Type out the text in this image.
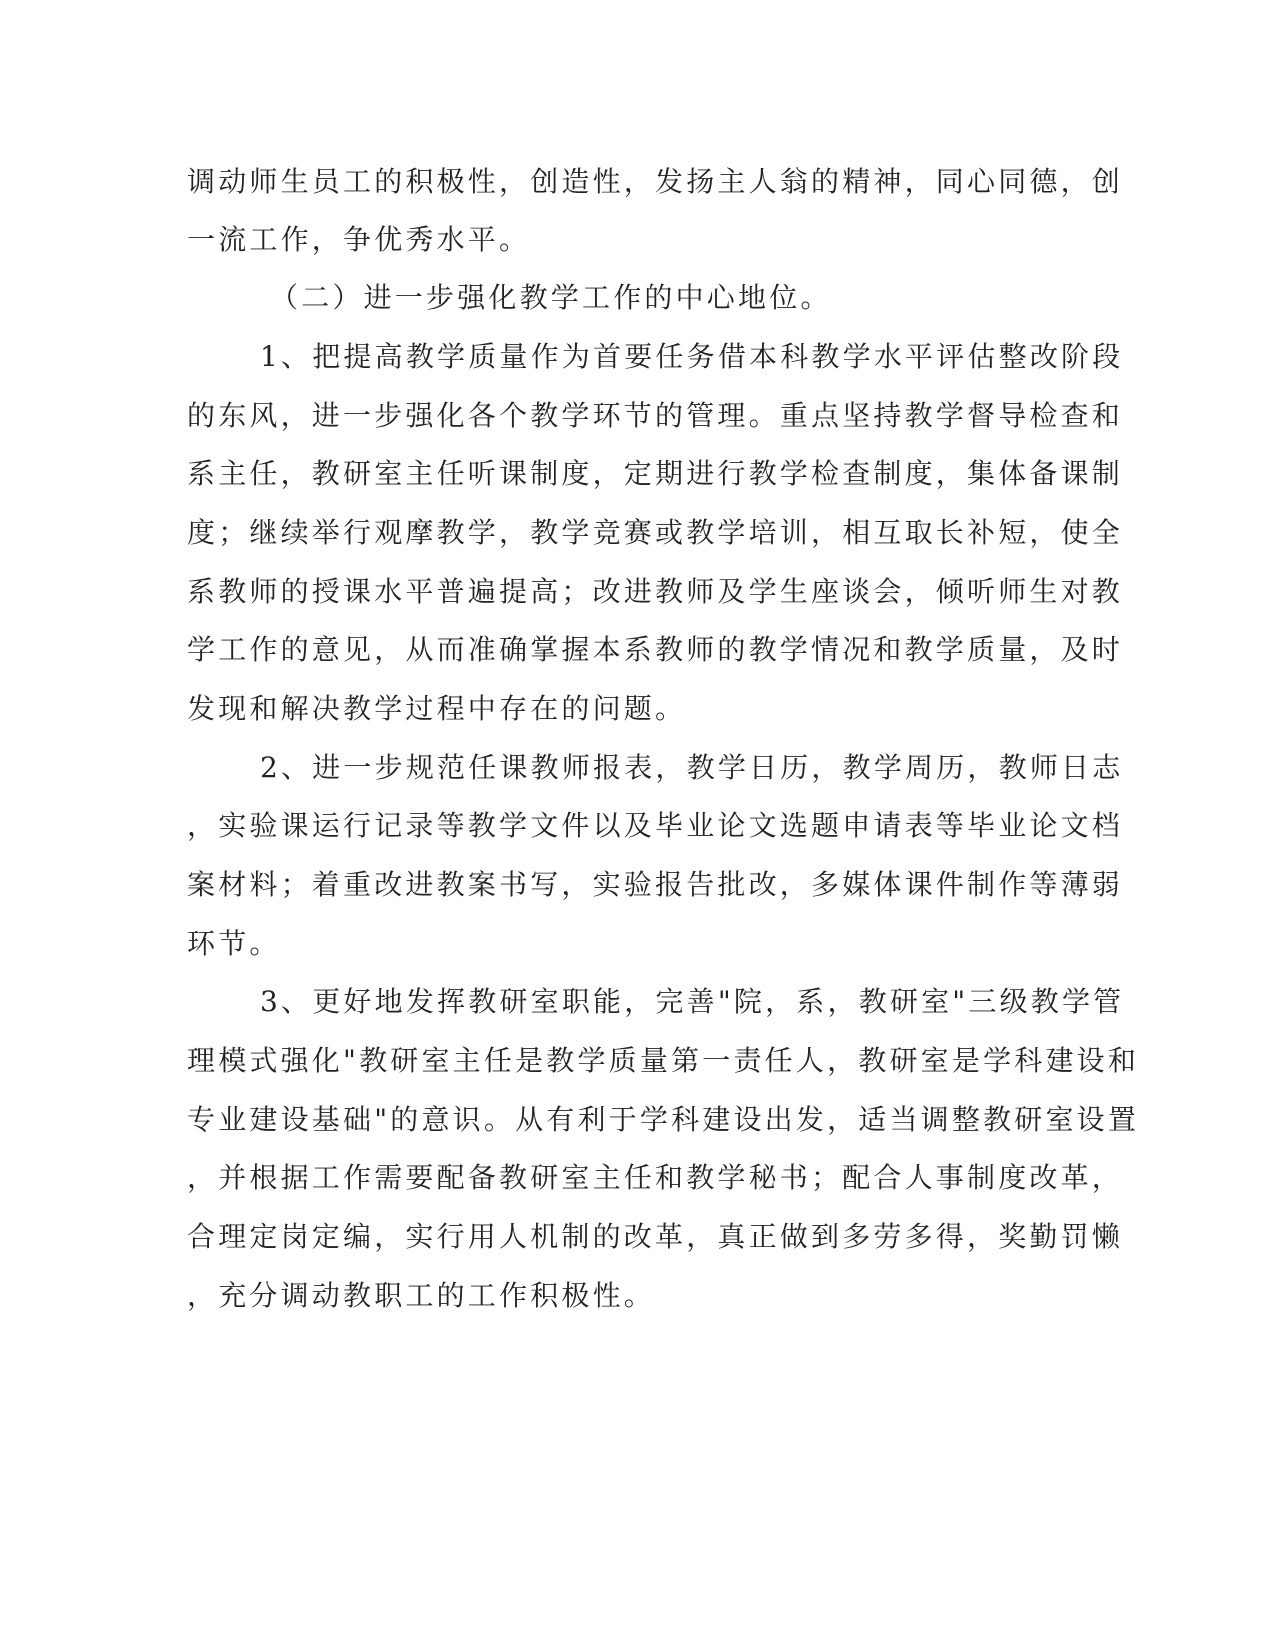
调动师生员工的积极性，创造性，发扬主人翁的精神，同心同德，创
一流工作，争优秀水平。
（二）进一步强化教学工作的中心地位。
1、把提高教学质量作为首要任务借本科教学水平评估整改阶段
的东风，进一步强化各个教学环节的管理。重点坚持教学督导检查和
系主任，教研室主任听课制度，定期进行教学检查制度，集体备课制
度；继续举行观摩教学，教学竞赛或教学培训，相互取长补短，使全
系教师的授课水平普遍提高；改进教师及学生座谈会，倾听师生对教
学工作的意见，从而准确掌握本系教师的教学情况和教学质量，及时
发现和解决教学过程中存在的问题。
2、进一步规范任课教师报表，教学日历，教学周历，教师日志
，实验课运行记录等教学文件以及毕业论文选题申请表等毕业论文档
案材料；着重改进教案书写，实验报告批改，多媒体课件制作等薄弱
环节。
3、更好地发挥教研室职能，完善"院，系，教研室"三级教学管
理模式强化"教研室主任是教学质量第一责任人，教研室是学科建设和
专业建设基础"的意识。从有利于学科建设出发，适当调整教研室设置
，并根据工作需要配备教研室主任和教学秘书；配合人事制度改革，
合理定岗定编，实行用人机制的改革，真正做到多劳多得，奖勤罚懒
，充分调动教职工的工作积极性。
